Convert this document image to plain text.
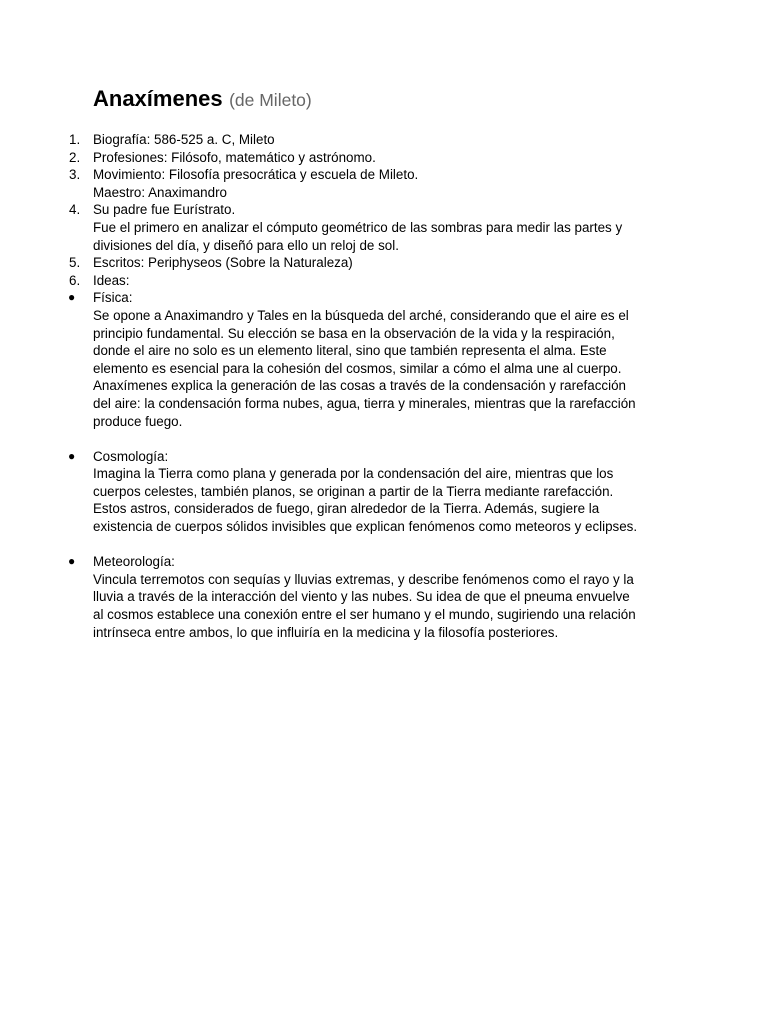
Anaxímenes (de Mileto)
1. Biografía: 586-525 a. C, Mileto
2. Profesiones: Filósofo, matemático y astrónomo.
3. Movimiento: Filosofía presocrática y escuela de Mileto.
Maestro: Anaximandro
4. Su padre fue Eurístrato.
Fue el primero en analizar el cómputo geométrico de las sombras para medir las partes y
divisiones del día, y diseñó para ello un reloj de sol.
5. Escritos: Periphyseos (Sobre la Naturaleza)
6. Ideas:
●	Física:
Se opone a Anaximandro y Tales en la búsqueda del arché, considerando que el aire es el
principio fundamental. Su elección se basa en la observación de la vida y la respiración,
donde el aire no solo es un elemento literal, sino que también representa el alma. Este
elemento es esencial para la cohesión del cosmos, similar a cómo el alma une al cuerpo.
Anaxímenes explica la generación de las cosas a través de la condensación y rarefacción
del aire: la condensación forma nubes, agua, tierra y minerales, mientras que la rarefacción
produce fuego.
●	Cosmología:
Imagina la Tierra como plana y generada por la condensación del aire, mientras que los
cuerpos celestes, también planos, se originan a partir de la Tierra mediante rarefacción.
Estos astros, considerados de fuego, giran alrededor de la Tierra. Además, sugiere la
existencia de cuerpos sólidos invisibles que explican fenómenos como meteoros y eclipses.
●	Meteorología:
Vincula terremotos con sequías y lluvias extremas, y describe fenómenos como el rayo y la
lluvia a través de la interacción del viento y las nubes. Su idea de que el pneuma envuelve
al cosmos establece una conexión entre el ser humano y el mundo, sugiriendo una relación
intrínseca entre ambos, lo que influiría en la medicina y la filosofía posteriores.
